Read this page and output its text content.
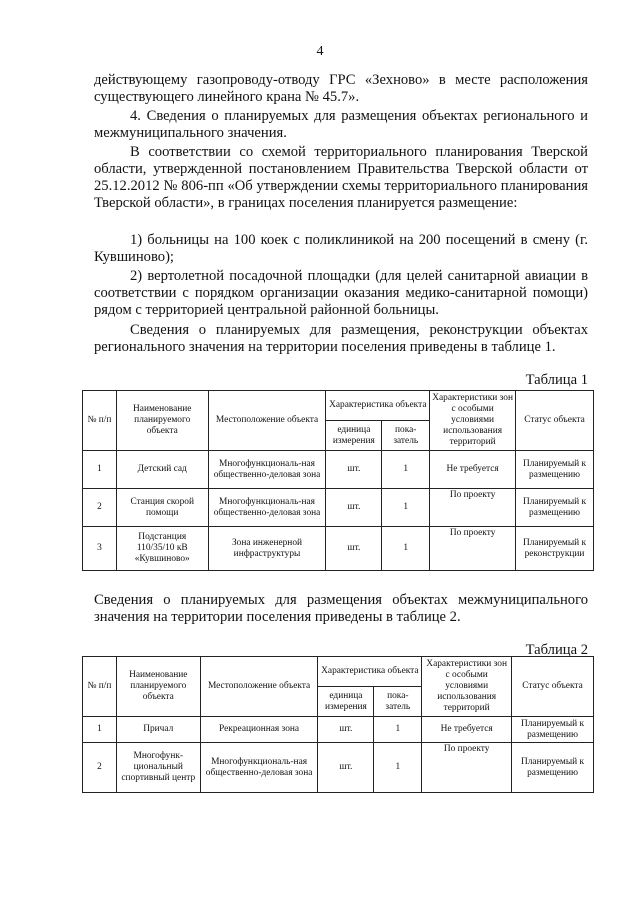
4
действующему газопроводу-отводу ГРС «Зехново» в месте расположения существующего линейного крана № 45.7».
4. Сведения о планируемых для размещения объектах регионального и межмуниципального значения.
В соответствии со схемой территориального планирования Тверской области, утвержденной постановлением Правительства Тверской области от 25.12.2012 № 806-пп «Об утверждении схемы территориального планирования Тверской области», в границах поселения планируется размещение:
1) больницы на 100 коек с поликлиникой на 200 посещений в смену (г. Кувшиново);
2) вертолетной посадочной площадки (для целей санитарной авиации в соответствии с порядком организации оказания медико-санитарной помощи) рядом с территорией центральной районной больницы.
Сведения о планируемых для размещения, реконструкции объектах регионального значения на территории поселения приведены в таблице 1.
Таблица 1
№ п/п	Наименование планируемого объекта	Местоположение объекта	Характеристика объекта		Характеристики зон с особыми условиями использования территорий	Статус объекта
			единица измерения	пока-затель		
1	Детский сад	Многофункциональ-ная общественно-деловая зона	шт.	1	Не требуется	Планируемый к размещению
2	Станция скорой помощи	Многофункциональ-ная общественно-деловая зона	шт.	1	По проекту	Планируемый к размещению
3	Подстанция 110/35/10 кВ «Кувшиново»	Зона инженерной инфраструктуры	шт.	1	По проекту	Планируемый к реконструкции
Сведения о планируемых для размещения объектах межмуниципального значения на территории поселения приведены в таблице 2.
Таблица 2
№ п/п	Наименование планируемого объекта	Местоположение объекта	Характеристика объекта		Характеристики зон с особыми условиями использования территорий	Статус объекта
			единица измерения	пока-затель		
1	Причал	Рекреационная зона	шт.	1	Не требуется	Планируемый к размещению
2	Многофунк-циональный спортивный центр	Многофункциональ-ная общественно-деловая зона	шт.	1	По проекту	Планируемый к размещению
